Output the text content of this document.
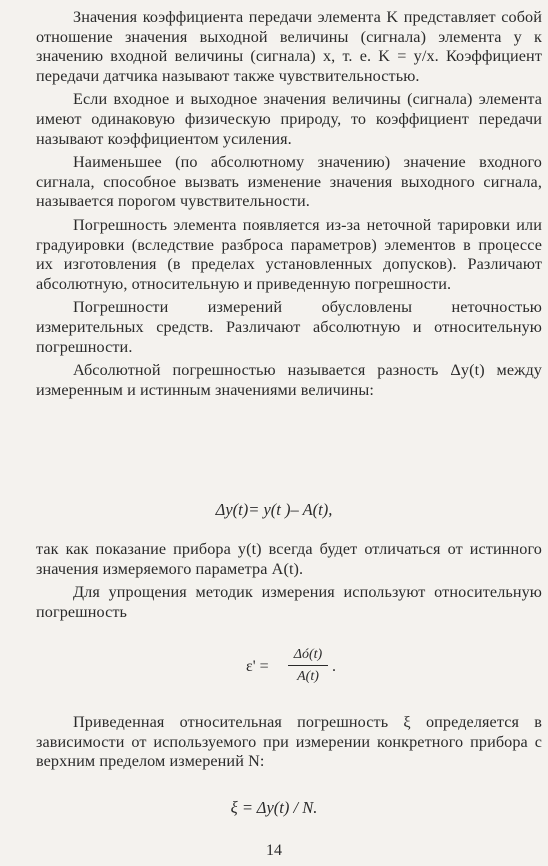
Значения коэффициента передачи элемента K представляет собой отношение значения выходной величины (сигнала) элемента y к значению входной величины (сигнала) x, т. е. K = y/x. Коэффициент передачи датчика называют также чувствительностью.

Если входное и выходное значения величины (сигнала) элемента имеют одинаковую физическую природу, то коэффициент передачи называют коэффициентом усиления.

Наименьшее (по абсолютному значению) значение входного сигнала, способное вызвать изменение значения выходного сигнала, называется порогом чувствительности.

Погрешность элемента появляется из-за неточной тарировки или градуировки (вследствие разброса параметров) элементов в процессе их изготовления (в пределах установленных допусков). Различают абсолютную, относительную и приведенную погрешности.

Погрешности измерений обусловлены неточностью измерительных средств. Различают абсолютную и относительную погрешности.

Абсолютной погрешностью называется разность Δy(t) между измеренным и истинным значениями величины:

Δy(t)= y(t )– A(t),

так как показание прибора y(t) всегда будет отличаться от истинного значения измеряемого параметра A(t).

Для упрощения методик измерения используют относительную погрешность

ε' =
Δó(t)
A(t)
.

Приведенная относительная погрешность ξ определяется в зависимости от используемого при измерении конкретного прибора с верхним пределом измерений N:

ξ = Δy(t) / N.
14
